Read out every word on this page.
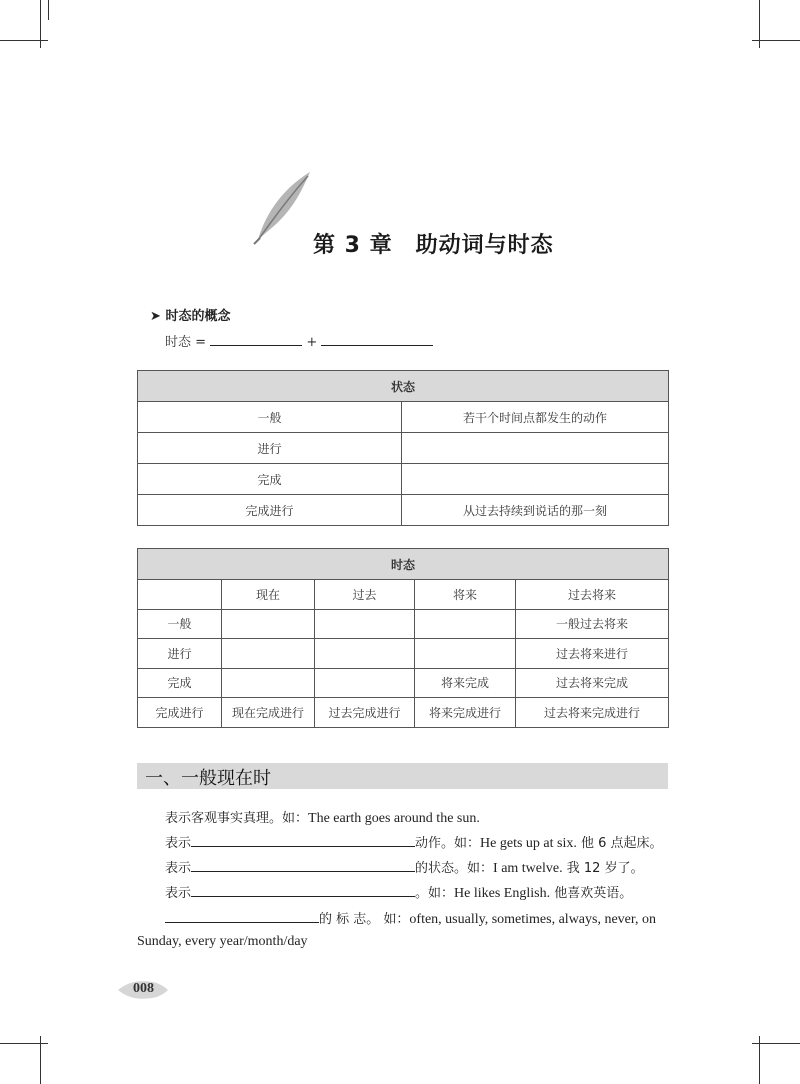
第 3 章　助动词与时态
➤ 时态的概念
时态 =	+
状态	
一般	若干个时间点都发生的动作
进行	
完成	
完成进行	从过去持续到说话的那一刻
时态				
	现在	过去	将来	过去将来
一般				一般过去将来
进行				过去将来进行
完成			将来完成	过去将来完成
完成进行	现在完成进行	过去完成进行	将来完成进行	过去将来完成进行
一、一般现在时
表示客观事实真理。如：The earth goes around the sun.
表示	动作。如：He gets up at six. 他 6 点起床。
表示	的状态。如：I am twelve. 我 12 岁了。
表示	。如：He likes English. 他喜欢英语。
的 标 志。 如：often, usually, sometimes, always, never, on
Sunday, every year/month/day
008
